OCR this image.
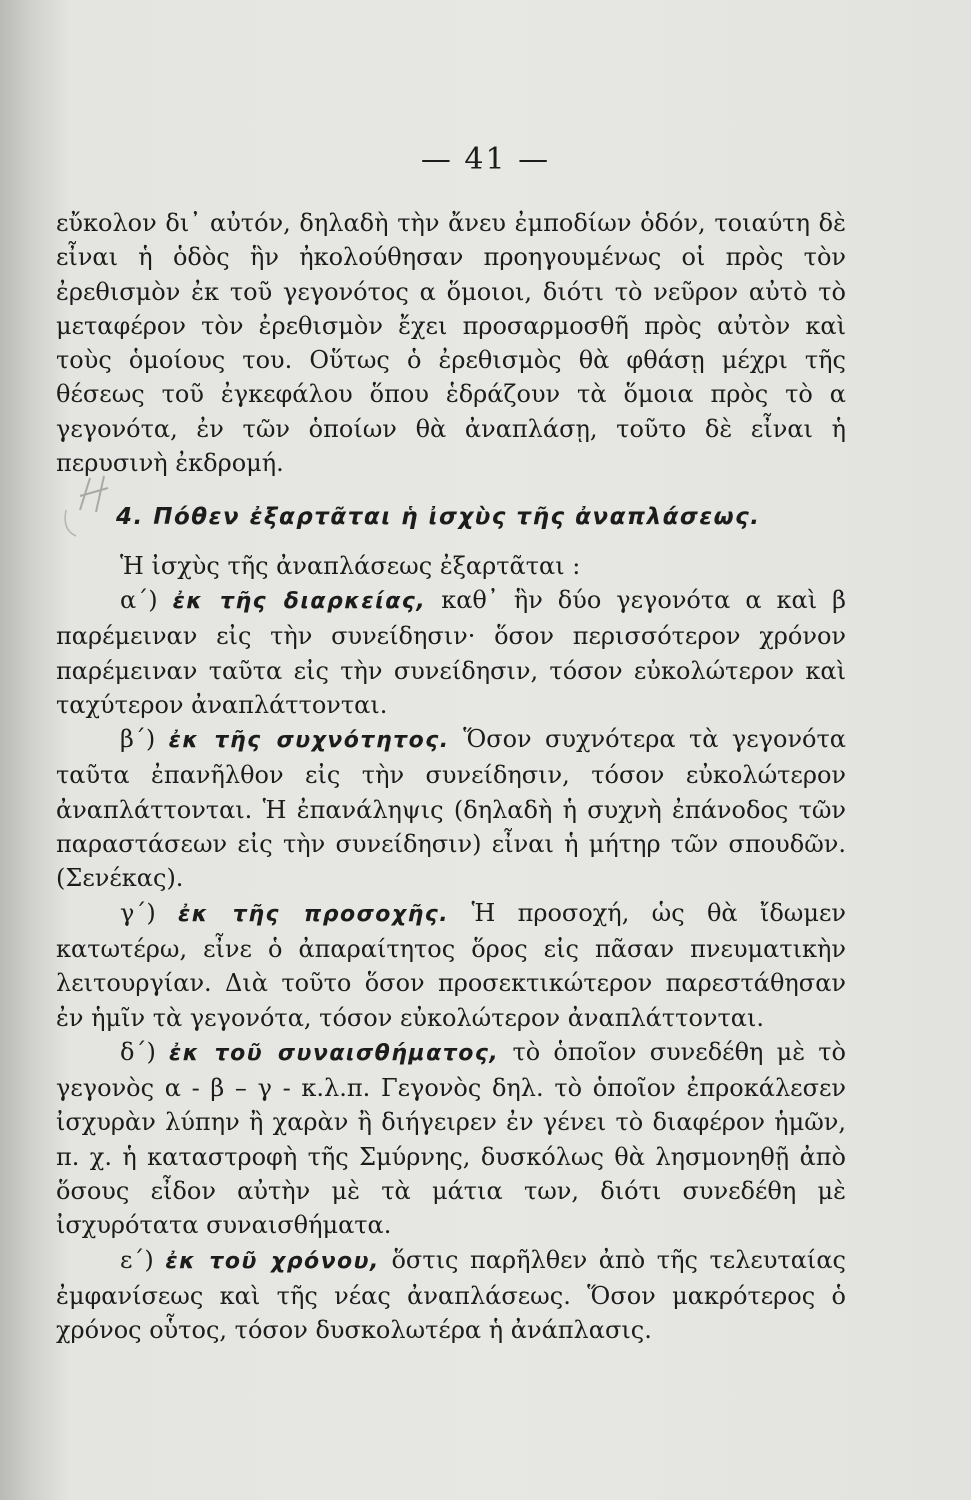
— 41 —

εὔκολον δι᾽ αὐτόν, δηλαδὴ τὴν ἄνευ ἐμποδίων ὁδόν, τοιαύτη δὲ εἶναι ἡ ὁδὸς ἣν ἠκολούθησαν προηγουμένως οἱ πρὸς τὸν ἐρεθισμὸν ἐκ τοῦ γεγονότος α ὅμοιοι, διότι τὸ νεῦρον αὐτὸ τὸ μεταφέρον τὸν ἐρεθισμὸν ἔχει προσαρμοσθῆ πρὸς αὐτὸν καὶ τοὺς ὁμοίους του. Οὕτως ὁ ἐρεθισμὸς θὰ φθάσῃ μέχρι τῆς θέσεως τοῦ ἐγκεφάλου ὅπου ἑδράζουν τὰ ὅμοια πρὸς τὸ α γεγονότα, ἐν τῶν ὁποίων θὰ ἀναπλάσῃ, τοῦτο δὲ εἶναι ἡ περυσινὴ ἐκδρομή.

4. Πόθεν ἐξαρτᾶται ἡ ἰσχὺς τῆς ἀναπλάσεως.

Ἡ ἰσχὺς τῆς ἀναπλάσεως ἐξαρτᾶται :

α΄) ἐκ τῆς διαρκείας, καθ᾽ ἣν δύο γεγονότα α καὶ β παρέμειναν εἰς τὴν συνείδησιν· ὅσον περισσότερον χρόνον παρέμειναν ταῦτα εἰς τὴν συνείδησιν, τόσον εὐκολώτερον καὶ ταχύτερον ἀναπλάττονται.

β΄) ἐκ τῆς συχνότητος. Ὅσον συχνότερα τὰ γεγονότα ταῦτα ἐπανῆλθον εἰς τὴν συνείδησιν, τόσον εὐκολώτερον ἀναπλάττονται. Ἡ ἐπανάληψις (δηλαδὴ ἡ συχνὴ ἐπάνοδος τῶν παραστάσεων εἰς τὴν συνείδησιν) εἶναι ἡ μήτηρ τῶν σπουδῶν. (Σενέκας).

γ΄) ἐκ τῆς προσοχῆς. Ἡ προσοχή, ὡς θὰ ἴδωμεν κατωτέρω, εἶνε ὁ ἀπαραίτητος ὅρος εἰς πᾶσαν πνευματικὴν λειτουργίαν. Διὰ τοῦτο ὅσον προσεκτικώτερον παρεστάθησαν ἐν ἡμῖν τὰ γεγονότα, τόσον εὐκολώτερον ἀναπλάττονται.

δ΄) ἐκ τοῦ συναισθήματος, τὸ ὁποῖον συνεδέθη μὲ τὸ γεγονὸς α - β – γ - κ.λ.π. Γεγονὸς δηλ. τὸ ὁποῖον ἐπροκάλεσεν ἰσχυρὰν λύπην ἢ χαρὰν ἢ διήγειρεν ἐν γένει τὸ διαφέρον ἡμῶν, π. χ. ἡ καταστροφὴ τῆς Σμύρνης, δυσκόλως θὰ λησμονηθῇ ἀπὸ ὅσους εἶδον αὐτὴν μὲ τὰ μάτια των, διότι συνεδέθη μὲ ἰσχυρότατα συναισθήματα.

ε΄) ἐκ τοῦ χρόνου, ὅστις παρῆλθεν ἀπὸ τῆς τελευταίας ἐμφανίσεως καὶ τῆς νέας ἀναπλάσεως. Ὅσον μακρότερος ὁ χρόνος οὗτος, τόσον δυσκολωτέρα ἡ ἀνάπλασις.
